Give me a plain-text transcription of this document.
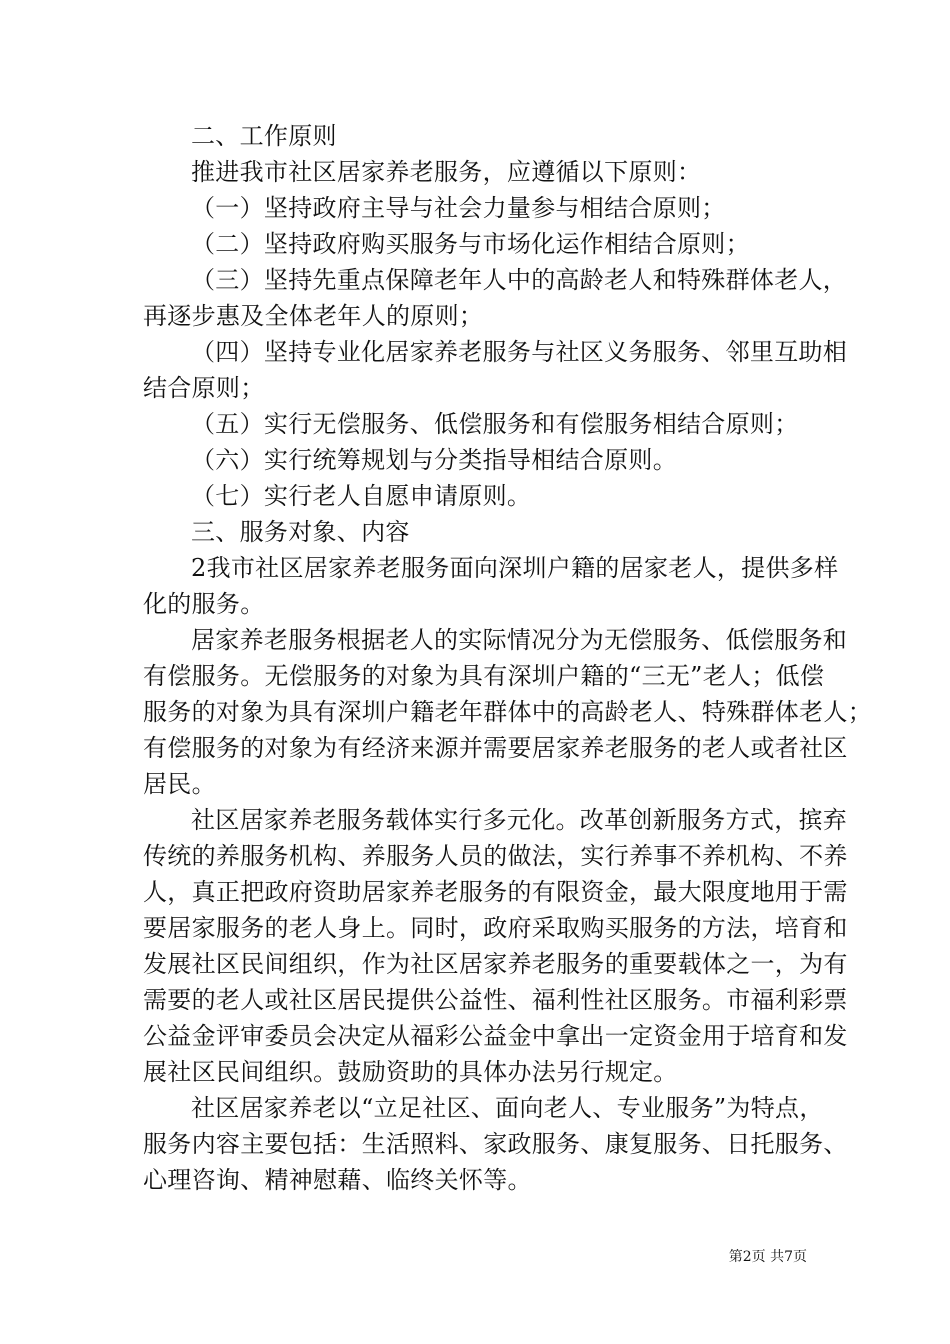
二、工作原则
推进我市社区居家养老服务，应遵循以下原则：
（一）坚持政府主导与社会力量参与相结合原则；
（二）坚持政府购买服务与市场化运作相结合原则；
（三）坚持先重点保障老年人中的高龄老人和特殊群体老人，
再逐步惠及全体老年人的原则；
（四）坚持专业化居家养老服务与社区义务服务、邻里互助相
结合原则；
（五）实行无偿服务、低偿服务和有偿服务相结合原则；
（六）实行统筹规划与分类指导相结合原则。
（七）实行老人自愿申请原则。
三、服务对象、内容
2我市社区居家养老服务面向深圳户籍的居家老人，提供多样
化的服务。
居家养老服务根据老人的实际情况分为无偿服务、低偿服务和
有偿服务。无偿服务的对象为具有深圳户籍的“三无”老人；低偿
服务的对象为具有深圳户籍老年群体中的高龄老人、特殊群体老人；
有偿服务的对象为有经济来源并需要居家养老服务的老人或者社区
居民。
社区居家养老服务载体实行多元化。改革创新服务方式，摈弃
传统的养服务机构、养服务人员的做法，实行养事不养机构、不养
人，真正把政府资助居家养老服务的有限资金，最大限度地用于需
要居家服务的老人身上。同时，政府采取购买服务的方法，培育和
发展社区民间组织，作为社区居家养老服务的重要载体之一，为有
需要的老人或社区居民提供公益性、福利性社区服务。市福利彩票
公益金评审委员会决定从福彩公益金中拿出一定资金用于培育和发
展社区民间组织。鼓励资助的具体办法另行规定。
社区居家养老以“立足社区、面向老人、专业服务”为特点，
服务内容主要包括：生活照料、家政服务、康复服务、日托服务、
心理咨询、精神慰藉、临终关怀等。
第2页 共7页
